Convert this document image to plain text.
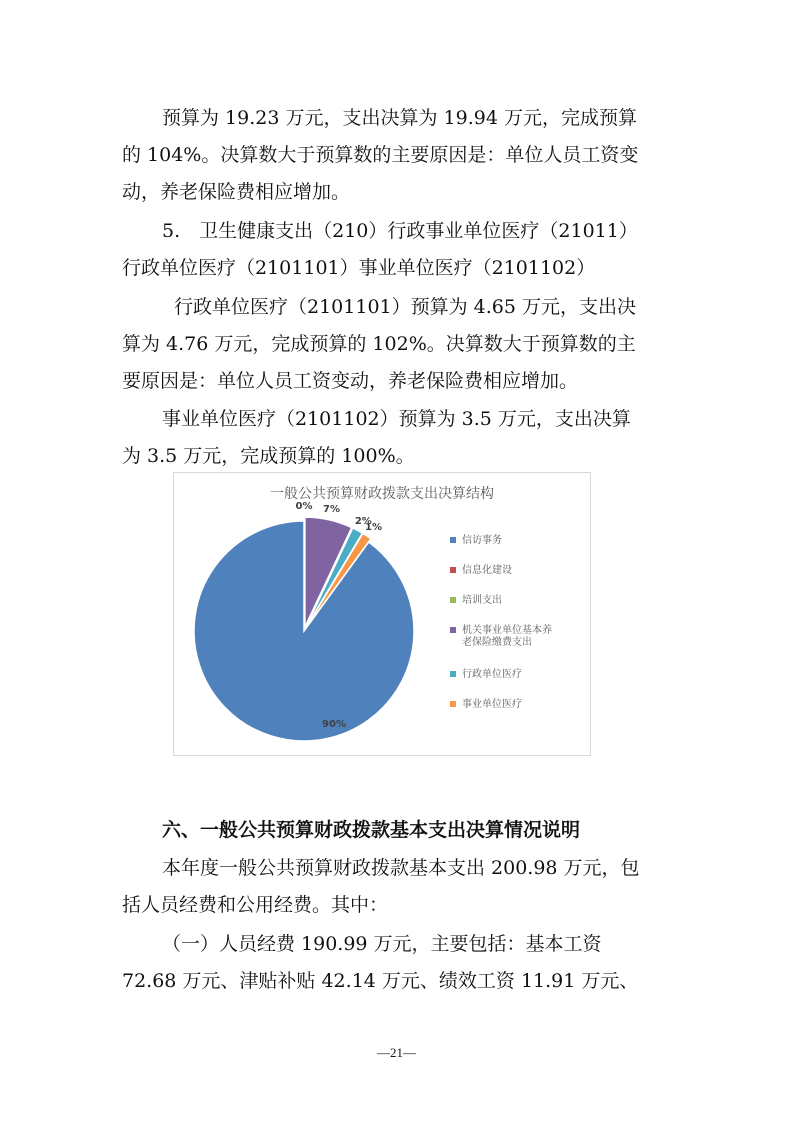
预算为 19.23 万元，支出决算为 19.94 万元，完成预算

的 104%。决算数大于预算数的主要原因是：单位人员工资变

动，养老保险费相应增加。

5.　卫生健康支出（210）行政事业单位医疗（21011）

行政单位医疗（2101101）事业单位医疗（2101102）

行政单位医疗（2101101）预算为 4.65 万元，支出决

算为 4.76 万元，完成预算的 102%。决算数大于预算数的主

要原因是：单位人员工资变动，养老保险费相应增加。

事业单位医疗（2101102）预算为 3.5 万元，支出决算

为 3.5 万元，完成预算的 100%。

一般公共预算财政拨款支出决算结构
90%
0% 7%
2%
1%
信访事务
信息化建设
培训支出
机关事业单位基本养
老保险缴费支出
行政单位医疗
事业单位医疗

六、一般公共预算财政拨款基本支出决算情况说明

本年度一般公共预算财政拨款基本支出 200.98 万元，包

括人员经费和公用经费。其中：

（一）人员经费 190.99 万元，主要包括：基本工资

72.68 万元、津贴补贴 42.14 万元、绩效工资 11.91 万元、

—21—
